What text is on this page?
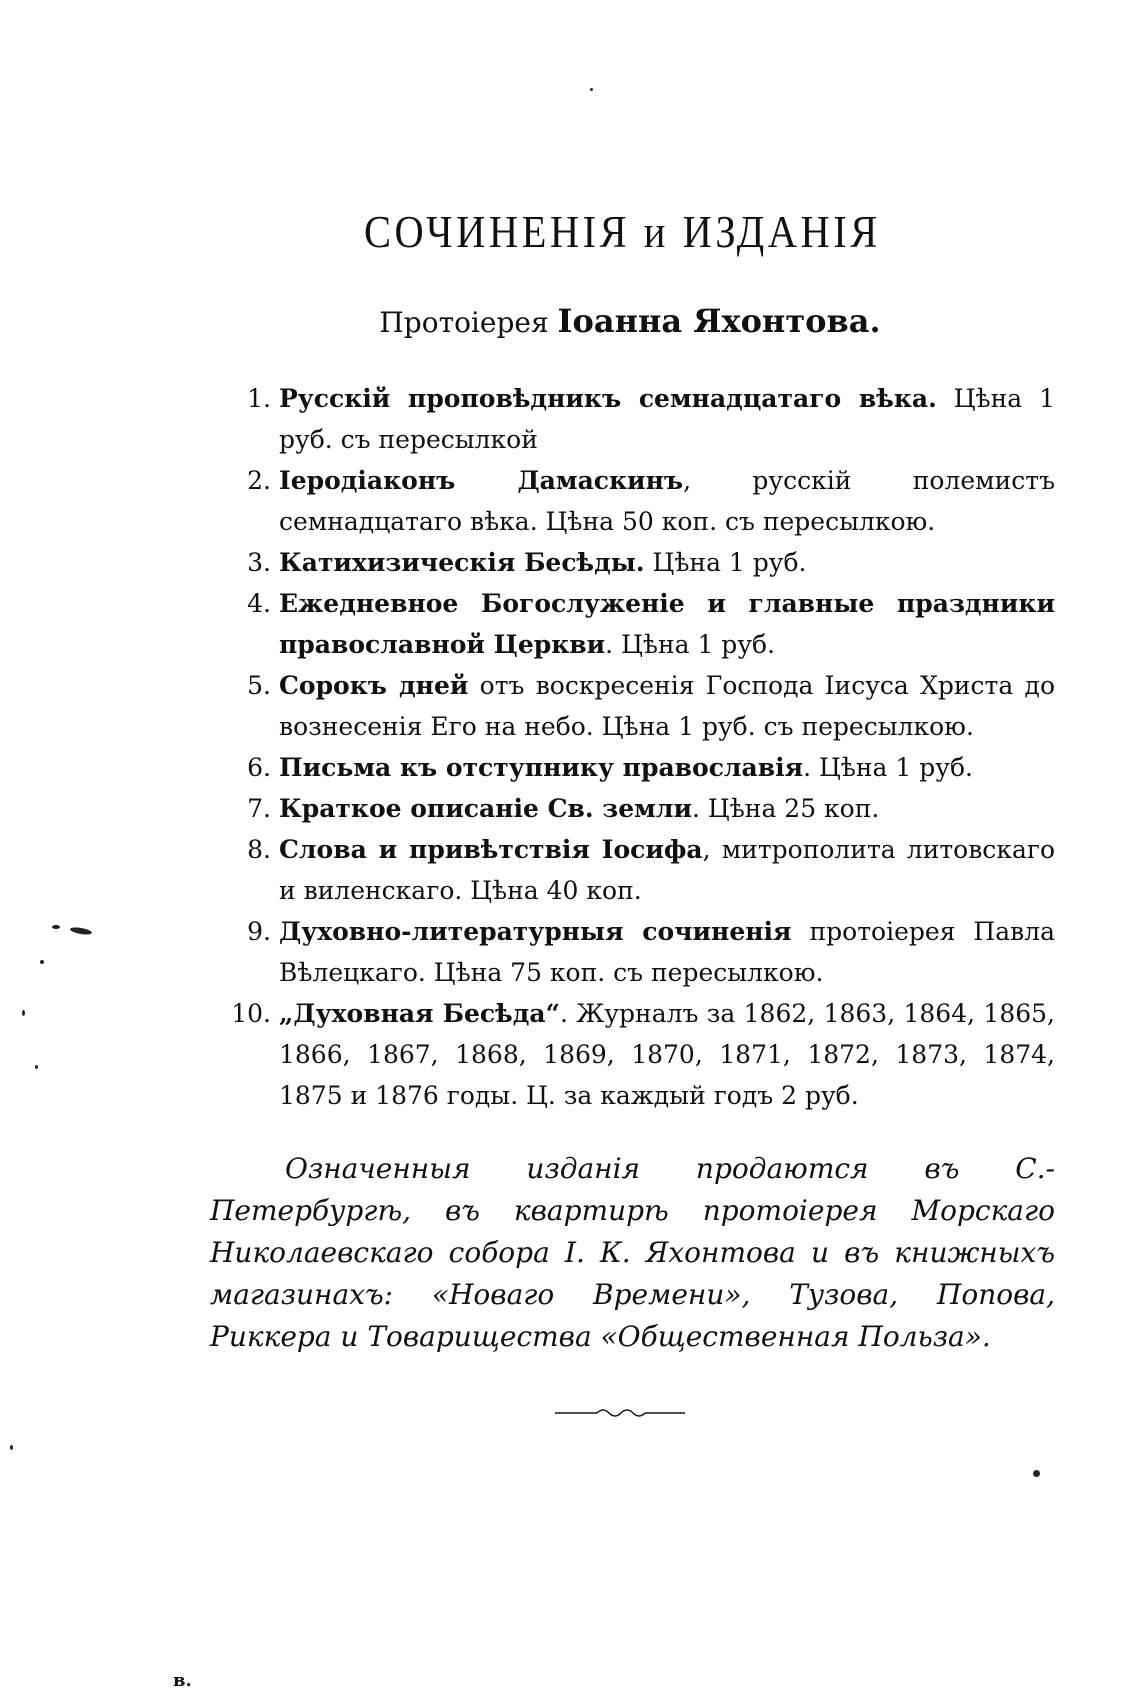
СОЧИНЕНІЯ и ИЗДАНІЯ
Протоіерея Іоанна Яхонтова.
1. Русскій проповѣдникъ семнадцатаго вѣка. Цѣна 1 руб. съ пересылкой
2. Іеродіаконъ Дамаскинъ, русскій полемистъ семнадцатаго вѣка. Цѣна 50 коп. съ пересылкою.
3. Катихизическія Бесѣды. Цѣна 1 руб.
4. Ежедневное Богослуженіе и главные праздники православной Церкви. Цѣна 1 руб.
5. Сорокъ дней отъ воскресенія Господа Іисуса Христа до вознесенія Его на небо. Цѣна 1 руб. съ пересылкою.
6. Письма къ отступнику православія. Цѣна 1 руб.
7. Краткое описаніе Св. земли. Цѣна 25 коп.
8. Слова и привѣтствія Іосифа, митрополита литовскаго и виленскаго. Цѣна 40 коп.
9. Духовно-литературныя сочиненія протоіерея Павла Вѣлецкаго. Цѣна 75 коп. съ пересылкою.
10. „Духовная Бесѣда“. Журналъ за 1862, 1863, 1864, 1865, 1866, 1867, 1868, 1869, 1870, 1871, 1872, 1873, 1874, 1875 и 1876 годы. Ц. за каждый годъ 2 руб.
Означенныя изданія продаются въ С.-Петербургѣ, въ квартирѣ протоіерея Морскаго Николаевскаго собора І. К. Яхонтова и въ книжныхъ магазинахъ: «Новаго Времени», Тузова, Попова, Риккера и Товарищества «Общественная Польза».
в.
